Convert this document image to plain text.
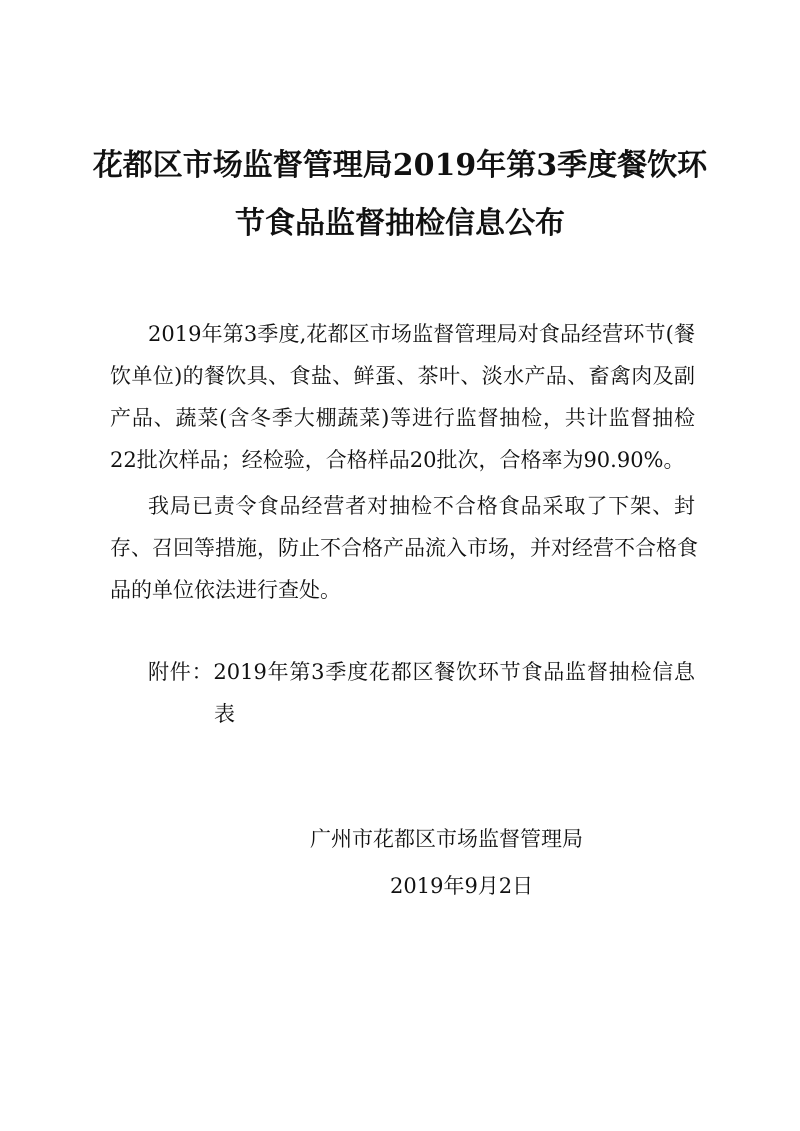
花都区市场监督管理局2019年第3季度餐饮环
节食品监督抽检信息公布
2019年第3季度,花都区市场监督管理局对食品经营环节(餐
饮单位)的餐饮具、食盐、鲜蛋、茶叶、淡水产品、畜禽肉及副
产品、蔬菜(含冬季大棚蔬菜)等进行监督抽检，共计监督抽检
22批次样品；经检验，合格样品20批次，合格率为90.90%。
我局已责令食品经营者对抽检不合格食品采取了下架、封
存、召回等措施，防止不合格产品流入市场，并对经营不合格食
品的单位依法进行查处。
附件：2019年第3季度花都区餐饮环节食品监督抽检信息
表
广州市花都区市场监督管理局
2019年9月2日
